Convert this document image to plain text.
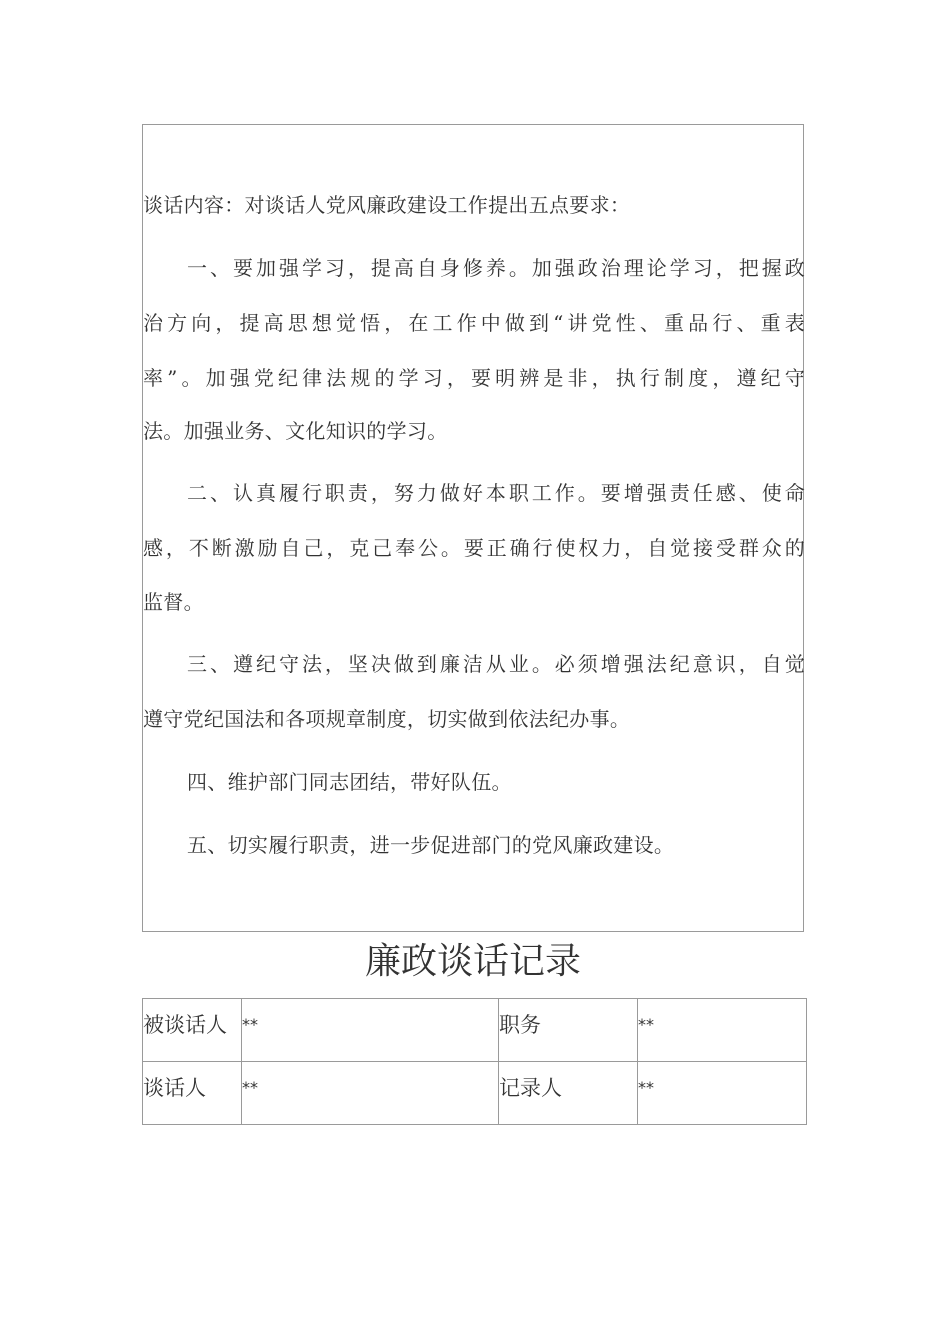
谈话内容：对谈话人党风廉政建设工作提出五点要求：
一、要加强学习，提高自身修养。加强政治理论学习，把握政
治方向，提高思想觉悟，在工作中做到“讲党性、重品行、重表
率”。加强党纪律法规的学习，要明辨是非，执行制度，遵纪守
法。加强业务、文化知识的学习。
二、认真履行职责，努力做好本职工作。要增强责任感、使命
感，不断激励自己，克己奉公。要正确行使权力，自觉接受群众的
监督。
三、遵纪守法，坚决做到廉洁从业。必须增强法纪意识，自觉
遵守党纪国法和各项规章制度，切实做到依法纪办事。
四、维护部门同志团结，带好队伍。
五、切实履行职责，进一步促进部门的党风廉政建设。
廉政谈话记录
被谈话人	**	职务	**
谈话人	**	记录人	**
